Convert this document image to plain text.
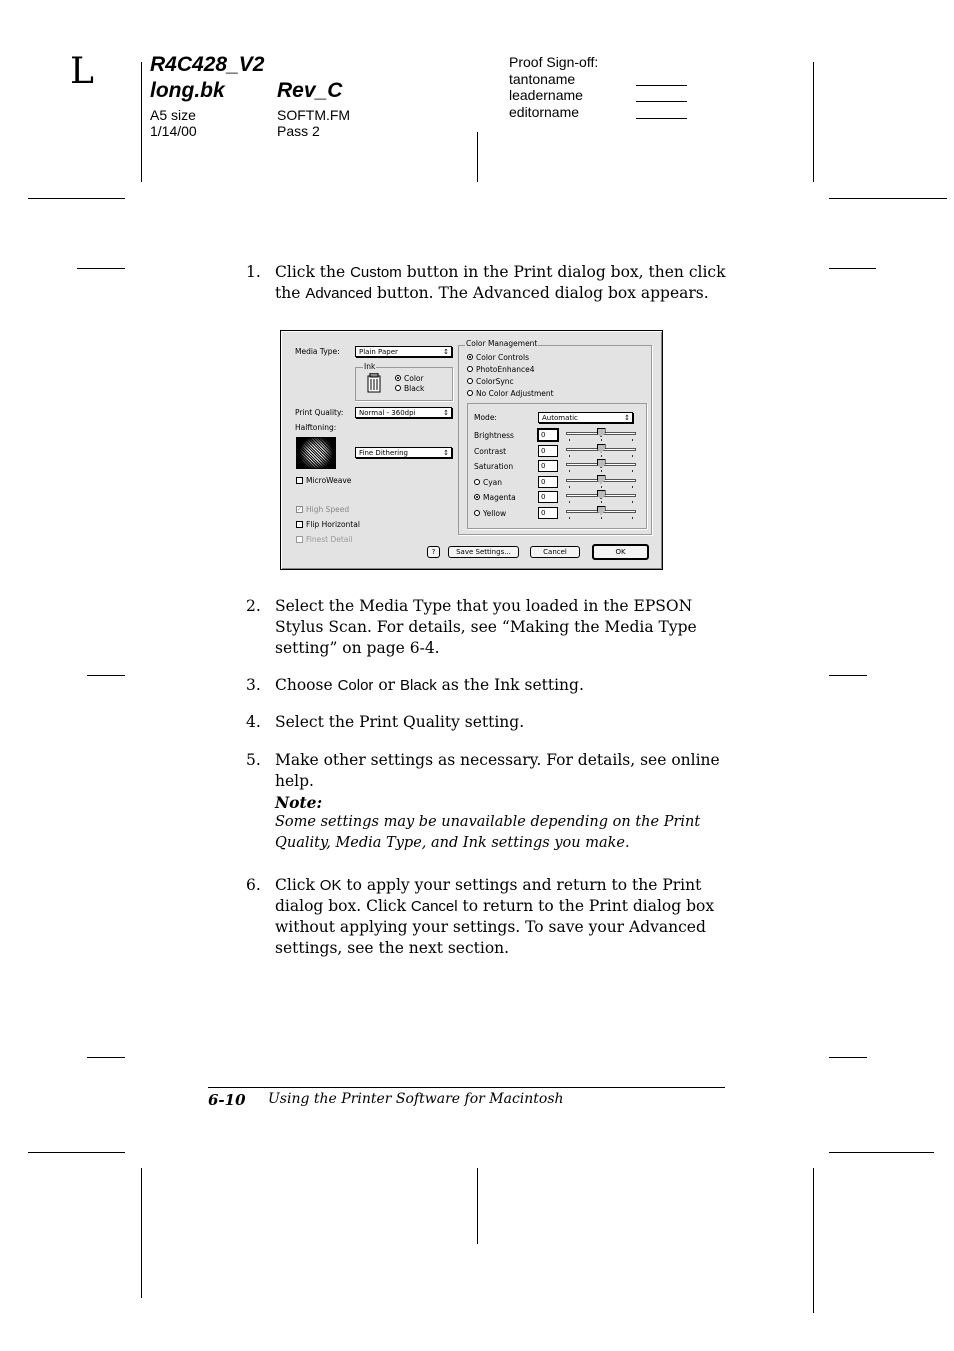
L	R4C428_V2
long.bk Rev_C
A5 size
1/14/00
SOFTM.FM
Pass 2
Proof Sign-off:
tantoname
leadername
editorname
1. Click the Custom button in the Print dialog box, then click the Advanced button. The Advanced dialog box appears.
Media Type:	Plain Paper	↕
Ink
Color
Black
Print Quality:	Normal - 360dpi	↕
Halftoning:
Fine Dithering	↕
MicroWeave
✓ High Speed
Flip Horizontal
Finest Detail
Color Management
Color Controls
PhotoEnhance4
ColorSync
No Color Adjustment
Mode:	Automatic	↕
Brightness	0
Contrast	0
Saturation	0
Cyan	0
Magenta	0
Yellow	0
?	Save Settings...	Cancel	OK
2. Select the Media Type that you loaded in the EPSON Stylus Scan. For details, see “Making the Media Type setting” on page 6-4.
3. Choose Color or Black as the Ink setting.
4. Select the Print Quality setting.
5. Make other settings as necessary. For details, see online help.
Note:
Some settings may be unavailable depending on the Print Quality, Media Type, and Ink settings you make.
6. Click OK to apply your settings and return to the Print dialog box. Click Cancel to return to the Print dialog box without applying your settings. To save your Advanced settings, see the next section.
6-10 Using the Printer Software for Macintosh
